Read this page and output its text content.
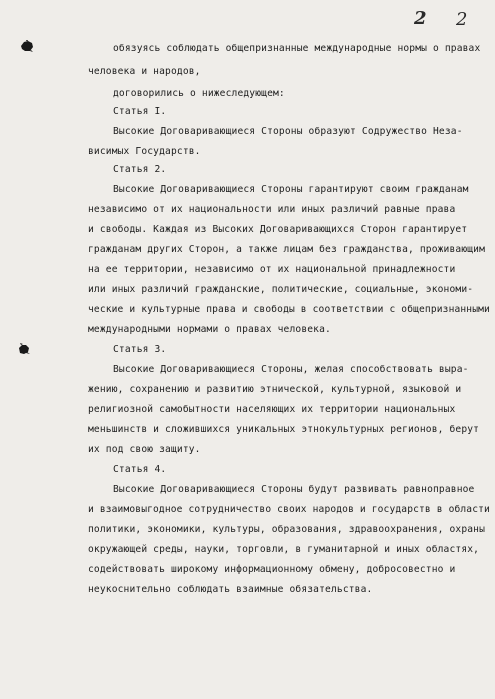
2 2
обязуясь соблюдать общепризнанные международные нормы о правах
человека и народов,
договорились о нижеследующем:
Статья I.
Высокие Договаривающиеся Стороны образуют Содружество Неза-
висимых Государств.
Статья 2.
Высокие Договаривающиеся Стороны гарантируют своим гражданам
независимо от их национальности или иных различий равные права
и свободы. Каждая из Высоких Договаривающихся Сторон гарантирует
гражданам других Сторон, а также лицам без гражданства, проживающим
на ее территории, независимо от их национальной принадлежности
или иных различий гражданские, политические, социальные, экономи-
ческие и культурные права и свободы в соответствии с общепризнанными
международными нормами о правах человека.
Статья 3.
Высокие Договаривающиеся Стороны, желая способствовать выра-
жению, сохранению и развитию этнической, культурной, языковой и
религиозной самобытности населяющих их территории национальных
меньшинств и сложившихся уникальных этнокультурных регионов, берут
их под свою защиту.
Статья 4.
Высокие Договаривающиеся Стороны будут развивать равноправное
и взаимовыгодное сотрудничество своих народов и государств в области
политики, экономики, культуры, образования, здравоохранения, охраны
окружающей среды, науки, торговли, в гуманитарной и иных областях,
содействовать широкому информационному обмену, добросовестно и
неукоснительно соблюдать взаимные обязательства.
